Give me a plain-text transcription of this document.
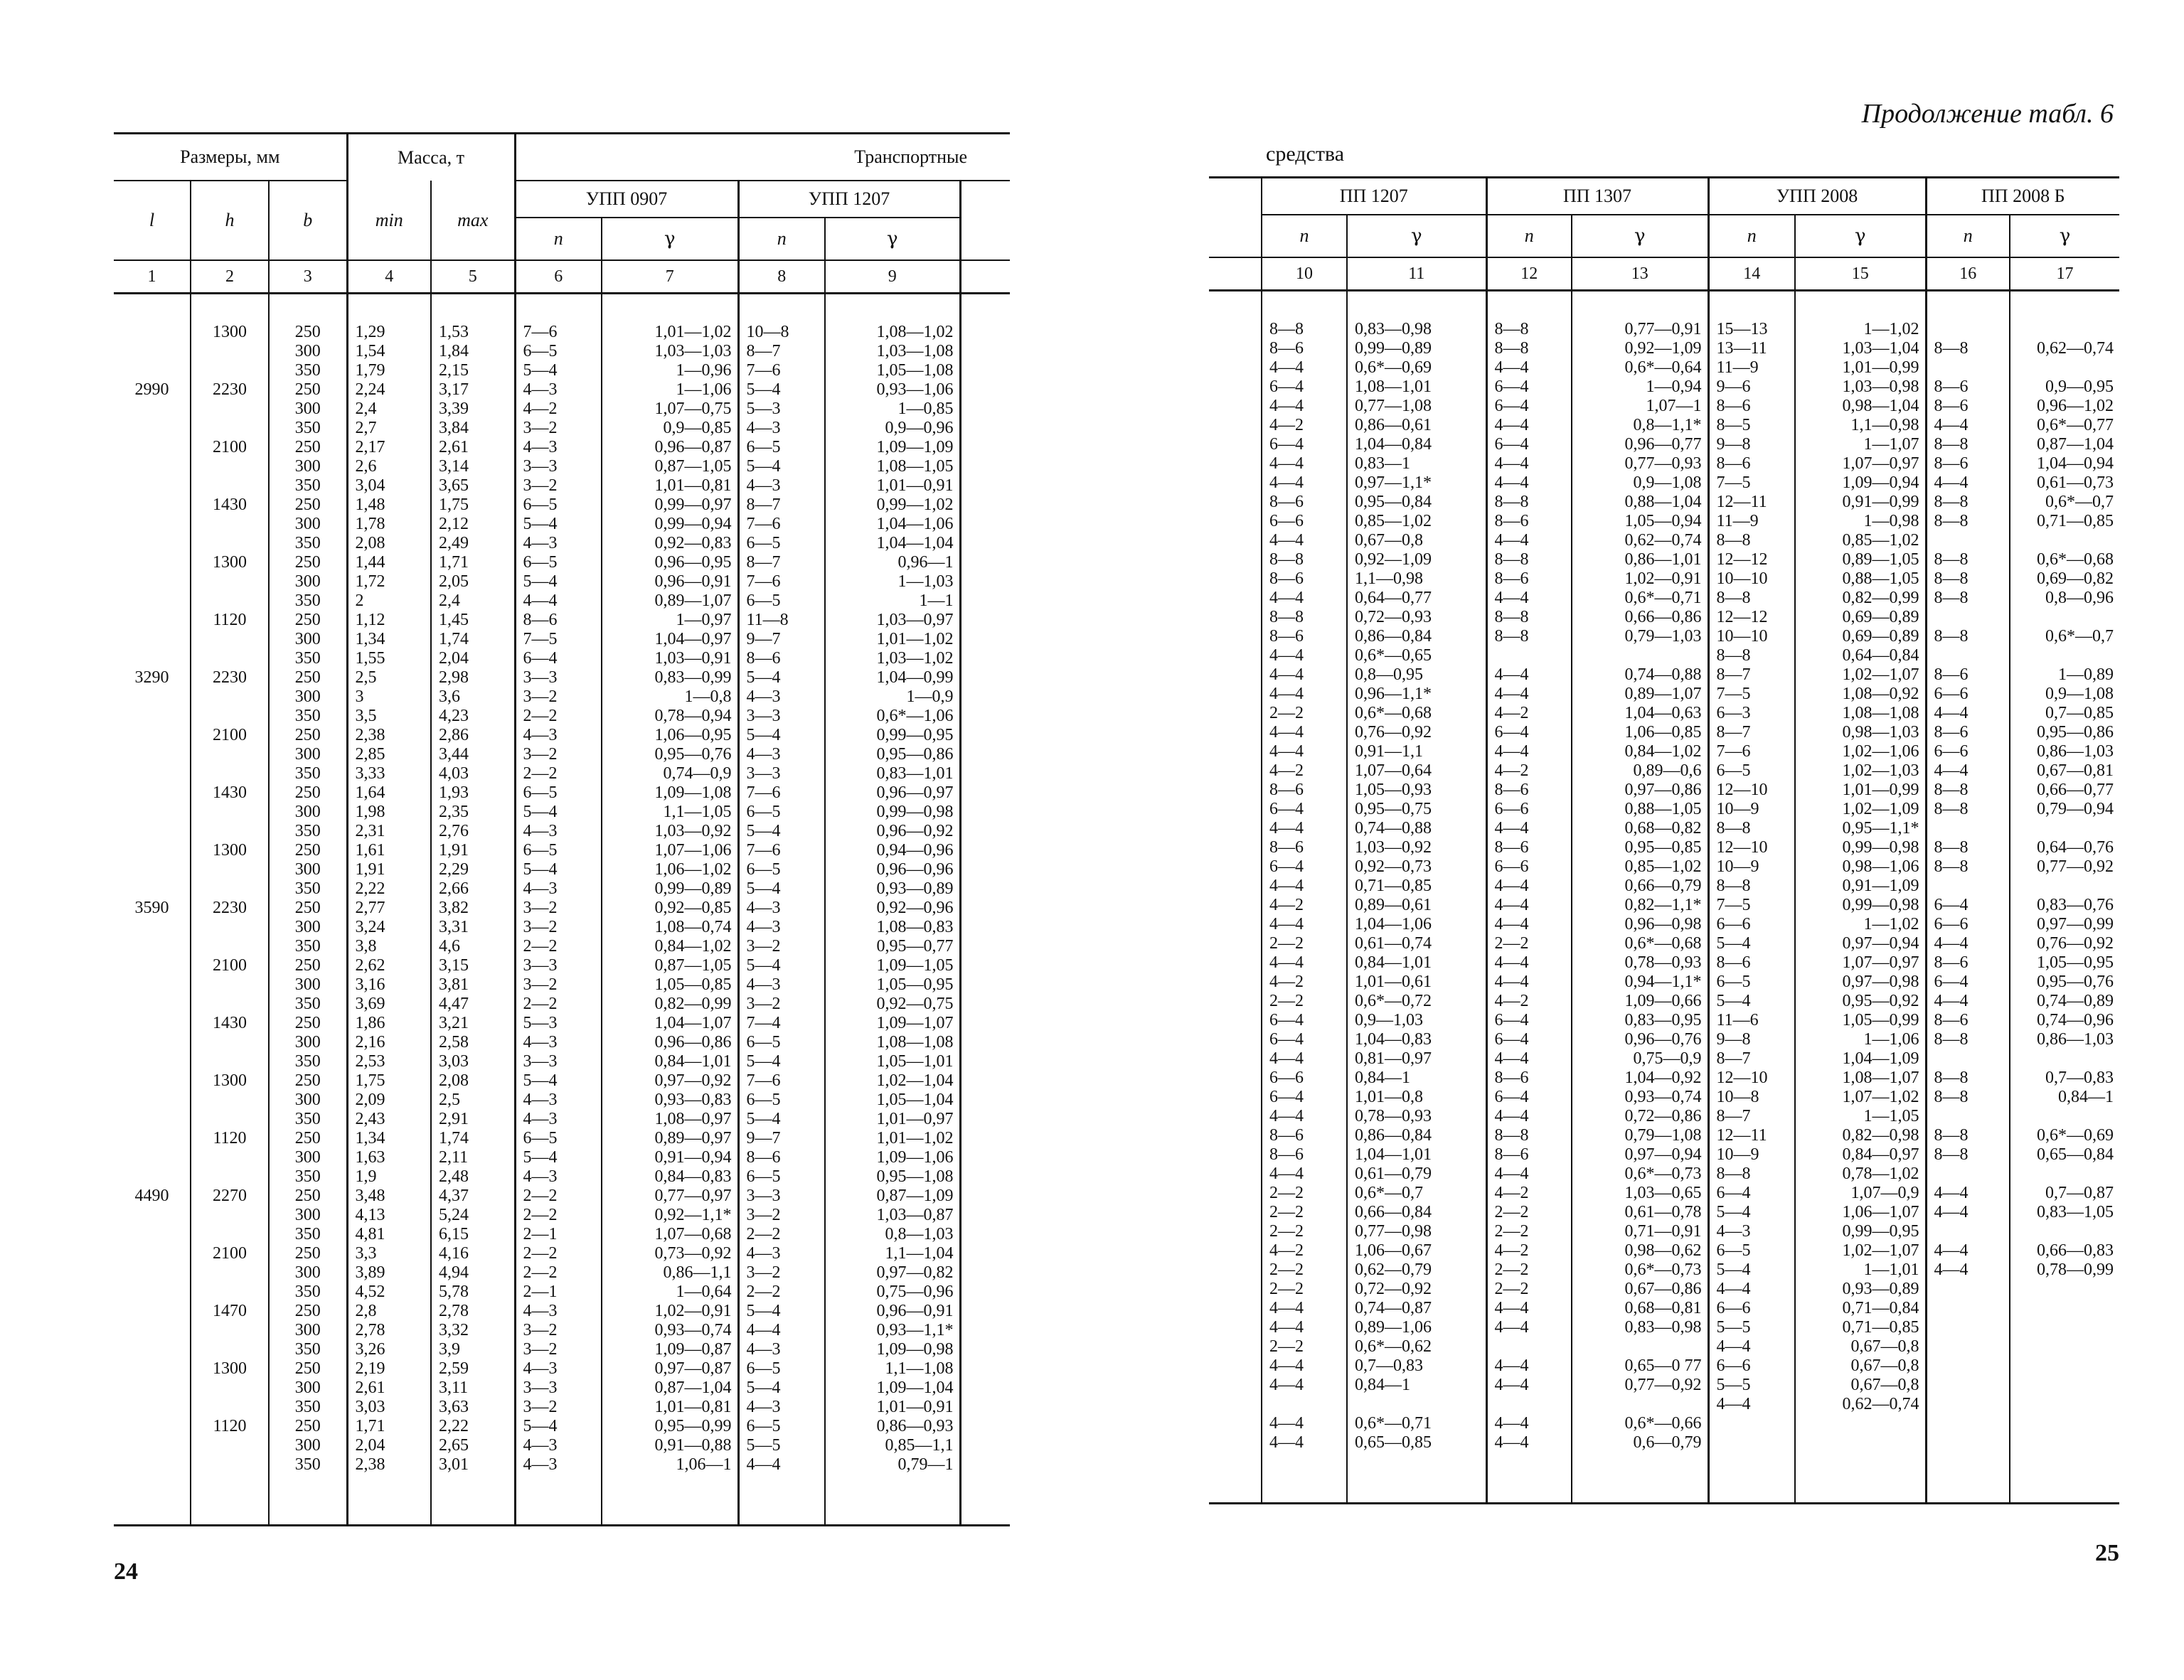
Размеры, мм			Масса, т		Транспортные				
l	h	b	min	max	УПП 0907		УПП 1207		
					n	γ	n	γ	
1	2	3	4	5	6	7	8	9	

	1300	250	1,29	1,53	7—6	1,01—1,02	10—8	1,08—1,02	
		300	1,54	1,84	6—5	1,03—1,03	8—7	1,03—1,08	
		350	1,79	2,15	5—4	1—0,96	7—6	1,05—1,08	
2990	2230	250	2,24	3,17	4—3	1—1,06	5—4	0,93—1,06	
		300	2,4	3,39	4—2	1,07—0,75	5—3	1—0,85	
		350	2,7	3,84	3—2	0,9—0,85	4—3	0,9—0,96	
	2100	250	2,17	2,61	4—3	0,96—0,87	6—5	1,09—1,09	
		300	2,6	3,14	3—3	0,87—1,05	5—4	1,08—1,05	
		350	3,04	3,65	3—2	1,01—0,81	4—3	1,01—0,91	
	1430	250	1,48	1,75	6—5	0,99—0,97	8—7	0,99—1,02	
		300	1,78	2,12	5—4	0,99—0,94	7—6	1,04—1,06	
		350	2,08	2,49	4—3	0,92—0,83	6—5	1,04—1,04	
	1300	250	1,44	1,71	6—5	0,96—0,95	8—7	0,96—1	
		300	1,72	2,05	5—4	0,96—0,91	7—6	1—1,03	
		350	2	2,4	4—4	0,89—1,07	6—5	1—1	
	1120	250	1,12	1,45	8—6	1—0,97	11—8	1,03—0,97	
		300	1,34	1,74	7—5	1,04—0,97	9—7	1,01—1,02	
		350	1,55	2,04	6—4	1,03—0,91	8—6	1,03—1,02	
3290	2230	250	2,5	2,98	3—3	0,83—0,99	5—4	1,04—0,99	
		300	3	3,6	3—2	1—0,8	4—3	1—0,9	
		350	3,5	4,23	2—2	0,78—0,94	3—3	0,6*—1,06	
	2100	250	2,38	2,86	4—3	1,06—0,95	5—4	0,99—0,95	
		300	2,85	3,44	3—2	0,95—0,76	4—3	0,95—0,86	
		350	3,33	4,03	2—2	0,74—0,9	3—3	0,83—1,01	
	1430	250	1,64	1,93	6—5	1,09—1,08	7—6	0,96—0,97	
		300	1,98	2,35	5—4	1,1—1,05	6—5	0,99—0,98	
		350	2,31	2,76	4—3	1,03—0,92	5—4	0,96—0,92	
	1300	250	1,61	1,91	6—5	1,07—1,06	7—6	0,94—0,96	
		300	1,91	2,29	5—4	1,06—1,02	6—5	0,96—0,96	
		350	2,22	2,66	4—3	0,99—0,89	5—4	0,93—0,89	
3590	2230	250	2,77	3,82	3—2	0,92—0,85	4—3	0,92—0,96	
		300	3,24	3,31	3—2	1,08—0,74	4—3	1,08—0,83	
		350	3,8	4,6	2—2	0,84—1,02	3—2	0,95—0,77	
	2100	250	2,62	3,15	3—3	0,87—1,05	5—4	1,09—1,05	
		300	3,16	3,81	3—2	1,05—0,85	4—3	1,05—0,95	
		350	3,69	4,47	2—2	0,82—0,99	3—2	0,92—0,75	
	1430	250	1,86	3,21	5—3	1,04—1,07	7—4	1,09—1,07	
		300	2,16	2,58	4—3	0,96—0,86	6—5	1,08—1,08	
		350	2,53	3,03	3—3	0,84—1,01	5—4	1,05—1,01	
	1300	250	1,75	2,08	5—4	0,97—0,92	7—6	1,02—1,04	
		300	2,09	2,5	4—3	0,93—0,83	6—5	1,05—1,04	
		350	2,43	2,91	4—3	1,08—0,97	5—4	1,01—0,97	
	1120	250	1,34	1,74	6—5	0,89—0,97	9—7	1,01—1,02	
		300	1,63	2,11	5—4	0,91—0,94	8—6	1,09—1,06	
		350	1,9	2,48	4—3	0,84—0,83	6—5	0,95—1,08	
4490	2270	250	3,48	4,37	2—2	0,77—0,97	3—3	0,87—1,09	
		300	4,13	5,24	2—2	0,92—1,1*	3—2	1,03—0,87	
		350	4,81	6,15	2—1	1,07—0,68	2—2	0,8—1,03	
	2100	250	3,3	4,16	2—2	0,73—0,92	4—3	1,1—1,04	
		300	3,89	4,94	2—2	0,86—1,1	3—2	0,97—0,82	
		350	4,52	5,78	2—1	1—0,64	2—2	0,75—0,96	
	1470	250	2,8	2,78	4—3	1,02—0,91	5—4	0,96—0,91	
		300	2,78	3,32	3—2	0,93—0,74	4—4	0,93—1,1*	
		350	3,26	3,9	3—2	1,09—0,87	4—3	1,09—0,98	
	1300	250	2,19	2,59	4—3	0,97—0,87	6—5	1,1—1,08	
		300	2,61	3,11	3—3	0,87—1,04	5—4	1,09—1,04	
		350	3,03	3,63	3—2	1,01—0,81	4—3	1,01—0,91	
	1120	250	1,71	2,22	5—4	0,95—0,99	6—5	0,86—0,93	
		300	2,04	2,65	4—3	0,91—0,88	5—5	0,85—1,1	
		350	2,38	3,01	4—3	1,06—1	4—4	0,79—1	

24
Продолжение табл. 6
средства
	ПП 1207		ПП 1307		УПП 2008		ПП 2008 Б	
	n	γ	n	γ	n	γ	n	γ
	10	11	12	13	14	15	16	17

	8—8	0,83—0,98	8—8	0,77—0,91	15—13	1—1,02		
	8—6	0,99—0,89	8—8	0,92—1,09	13—11	1,03—1,04	8—8	0,62—0,74
	4—4	0,6*—0,69	4—4	0,6*—0,64	11—9	1,01—0,99		
	6—4	1,08—1,01	6—4	1—0,94	9—6	1,03—0,98	8—6	0,9—0,95
	4—4	0,77—1,08	6—4	1,07—1	8—6	0,98—1,04	8—6	0,96—1,02
	4—2	0,86—0,61	4—4	0,8—1,1*	8—5	1,1—0,98	4—4	0,6*—0,77
	6—4	1,04—0,84	6—4	0,96—0,77	9—8	1—1,07	8—8	0,87—1,04
	4—4	0,83—1	4—4	0,77—0,93	8—6	1,07—0,97	8—6	1,04—0,94
	4—4	0,97—1,1*	4—4	0,9—1,08	7—5	1,09—0,94	4—4	0,61—0,73
	8—6	0,95—0,84	8—8	0,88—1,04	12—11	0,91—0,99	8—8	0,6*—0,7
	6—6	0,85—1,02	8—6	1,05—0,94	11—9	1—0,98	8—8	0,71—0,85
	4—4	0,67—0,8	4—4	0,62—0,74	8—8	0,85—1,02		
	8—8	0,92—1,09	8—8	0,86—1,01	12—12	0,89—1,05	8—8	0,6*—0,68
	8—6	1,1—0,98	8—6	1,02—0,91	10—10	0,88—1,05	8—8	0,69—0,82
	4—4	0,64—0,77	4—4	0,6*—0,71	8—8	0,82—0,99	8—8	0,8—0,96
	8—8	0,72—0,93	8—8	0,66—0,86	12—12	0,69—0,89		
	8—6	0,86—0,84	8—8	0,79—1,03	10—10	0,69—0,89	8—8	0,6*—0,7
	4—4	0,6*—0,65			8—8	0,64—0,84		
	4—4	0,8—0,95	4—4	0,74—0,88	8—7	1,02—1,07	8—6	1—0,89
	4—4	0,96—1,1*	4—4	0,89—1,07	7—5	1,08—0,92	6—6	0,9—1,08
	2—2	0,6*—0,68	4—2	1,04—0,63	6—3	1,08—1,08	4—4	0,7—0,85
	4—4	0,76—0,92	6—4	1,06—0,85	8—7	0,98—1,03	8—6	0,95—0,86
	4—4	0,91—1,1	4—4	0,84—1,02	7—6	1,02—1,06	6—6	0,86—1,03
	4—2	1,07—0,64	4—2	0,89—0,6	6—5	1,02—1,03	4—4	0,67—0,81
	8—6	1,05—0,93	8—6	0,97—0,86	12—10	1,01—0,99	8—8	0,66—0,77
	6—4	0,95—0,75	6—6	0,88—1,05	10—9	1,02—1,09	8—8	0,79—0,94
	4—4	0,74—0,88	4—4	0,68—0,82	8—8	0,95—1,1*		
	8—6	1,03—0,92	8—6	0,95—0,85	12—10	0,99—0,98	8—8	0,64—0,76
	6—4	0,92—0,73	6—6	0,85—1,02	10—9	0,98—1,06	8—8	0,77—0,92
	4—4	0,71—0,85	4—4	0,66—0,79	8—8	0,91—1,09		
	4—2	0,89—0,61	4—4	0,82—1,1*	7—5	0,99—0,98	6—4	0,83—0,76
	4—4	1,04—1,06	4—4	0,96—0,98	6—6	1—1,02	6—6	0,97—0,99
	2—2	0,61—0,74	2—2	0,6*—0,68	5—4	0,97—0,94	4—4	0,76—0,92
	4—4	0,84—1,01	4—4	0,78—0,93	8—6	1,07—0,97	8—6	1,05—0,95
	4—2	1,01—0,61	4—4	0,94—1,1*	6—5	0,97—0,98	6—4	0,95—0,76
	2—2	0,6*—0,72	4—2	1,09—0,66	5—4	0,95—0,92	4—4	0,74—0,89
	6—4	0,9—1,03	6—4	0,83—0,95	11—6	1,05—0,99	8—6	0,74—0,96
	6—4	1,04—0,83	6—4	0,96—0,76	9—8	1—1,06	8—8	0,86—1,03
	4—4	0,81—0,97	4—4	0,75—0,9	8—7	1,04—1,09		
	6—6	0,84—1	8—6	1,04—0,92	12—10	1,08—1,07	8—8	0,7—0,83
	6—4	1,01—0,8	6—4	0,93—0,74	10—8	1,07—1,02	8—8	0,84—1
	4—4	0,78—0,93	4—4	0,72—0,86	8—7	1—1,05		
	8—6	0,86—0,84	8—8	0,79—1,08	12—11	0,82—0,98	8—8	0,6*—0,69
	8—6	1,04—1,01	8—6	0,97—0,94	10—9	0,84—0,97	8—8	0,65—0,84
	4—4	0,61—0,79	4—4	0,6*—0,73	8—8	0,78—1,02		
	2—2	0,6*—0,7	4—2	1,03—0,65	6—4	1,07—0,9	4—4	0,7—0,87
	2—2	0,66—0,84	2—2	0,61—0,78	5—4	1,06—1,07	4—4	0,83—1,05
	2—2	0,77—0,98	2—2	0,71—0,91	4—3	0,99—0,95		
	4—2	1,06—0,67	4—2	0,98—0,62	6—5	1,02—1,07	4—4	0,66—0,83
	2—2	0,62—0,79	2—2	0,6*—0,73	5—4	1—1,01	4—4	0,78—0,99
	2—2	0,72—0,92	2—2	0,67—0,86	4—4	0,93—0,89		
	4—4	0,74—0,87	4—4	0,68—0,81	6—6	0,71—0,84		
	4—4	0,89—1,06	4—4	0,83—0,98	5—5	0,71—0,85		
	2—2	0,6*—0,62			4—4	0,67—0,8		
	4—4	0,7—0,83	4—4	0,65—0 77	6—6	0,67—0,8		
	4—4	0,84—1	4—4	0,77—0,92	5—5	0,67—0,8		
					4—4	0,62—0,74		
	4—4	0,6*—0,71	4—4	0,6*—0,66				
	4—4	0,65—0,85	4—4	0,6—0,79				

25
